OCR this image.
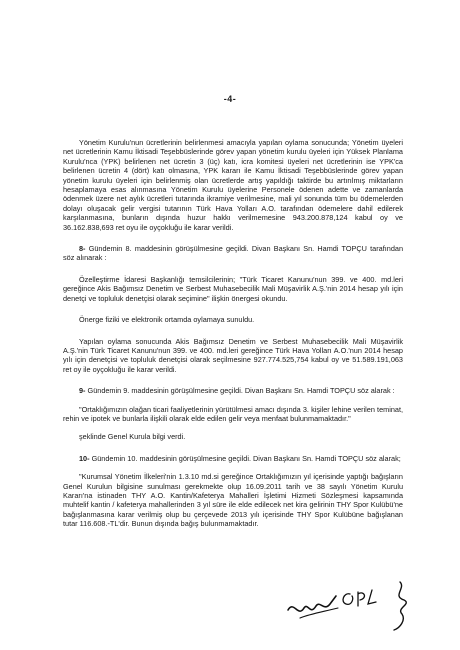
-4-

Yönetim Kurulu'nun ücretlerinin belirlenmesi amacıyla yapılan oylama sonucunda; Yönetim üyeleri net ücretlerinin Kamu İktisadi Teşebbüslerinde görev yapan yönetim kurulu üyeleri için Yüksek Planlama Kurulu'nca (YPK) belirlenen net ücretin 3 (üç) katı, icra komitesi üyeleri net ücretlerinin ise YPK'ca belirlenen ücretin 4 (dört) katı olmasına, YPK kararı ile Kamu İktisadi Teşebbüslerinde görev yapan yönetim kurulu üyeleri için belirlenmiş olan ücretlerde artış yapıldığı taktirde bu artırılmış miktarların hesaplamaya esas alınmasına Yönetim Kurulu üyelerine Personele ödenen adette ve zamanlarda ödenmek üzere net aylık ücretleri tutarında ikramiye verilmesine, mali yıl sonunda tüm bu ödemelerden dolayı oluşacak gelir vergisi tutarının Türk Hava Yolları A.O. tarafından ödemelere dahil edilerek karşılanmasına, bunların dışında huzur hakkı verilmemesine 943.200.878,124 kabul oy ve 36.162.838,693 ret oyu ile oyçokluğu ile karar verildi.

8- Gündemin 8. maddesinin görüşülmesine geçildi. Divan Başkanı Sn. Hamdi TOPÇU tarafından söz alınarak :

Özelleştirme İdaresi Başkanlığı temsilcilerinin; "Türk Ticaret Kanunu'nun 399. ve 400. md.leri gereğince Akis Bağımsız Denetim ve Serbest Muhasebecilik Mali Müşavirlik A.Ş.'nin 2014 hesap yılı için denetçi ve topluluk denetçisi olarak seçimine" ilişkin önergesi okundu.

Önerge fiziki ve elektronik ortamda oylamaya sunuldu.

Yapılan oylama sonucunda Akis Bağımsız Denetim ve Serbest Muhasebecilik Mali Müşavirlik A.Ş.'nin Türk Ticaret Kanunu'nun 399. ve 400. md.leri gereğince Türk Hava Yolları A.O.'nun 2014 hesap yılı için denetçisi ve topluluk denetçisi olarak seçilmesine 927.774.525,754 kabul oy ve 51.589.191,063 ret oy ile oyçokluğu ile karar verildi.

9- Gündemin 9. maddesinin görüşülmesine geçildi. Divan Başkanı Sn. Hamdi TOPÇU söz alarak :

"Ortaklığımızın olağan ticari faaliyetlerinin yürütülmesi amacı dışında 3. kişiler lehine verilen teminat, rehin ve ipotek ve bunlarla ilişkili olarak elde edilen gelir veya menfaat bulunmamaktadır."

şeklinde Genel Kurula bilgi verdi.

10- Gündemin 10. maddesinin görüşülmesine geçildi. Divan Başkanı Sn. Hamdi TOPÇU söz alarak;

"Kurumsal Yönetim İlkeleri'nin 1.3.10 md.si gereğince Ortaklığımızın yıl içerisinde yaptığı bağışların Genel Kurulun bilgisine sunulması gerekmekte olup 16.09.2011 tarih ve 38 sayılı Yönetim Kurulu Kararı'na istinaden THY A.O. Kantin/Kafeterya Mahalleri İşletimi Hizmeti Sözleşmesi kapsamında muhtelif kantin / kafeterya mahallerinden 3 yıl süre ile elde edilecek net kira gelirinin THY Spor Kulübü'ne bağışlanmasına karar verilmiş olup bu çerçevede 2013 yılı içerisinde THY Spor Kulübüne bağışlanan tutar 116.608.-TL'dir. Bunun dışında bağış bulunmamaktadır.
